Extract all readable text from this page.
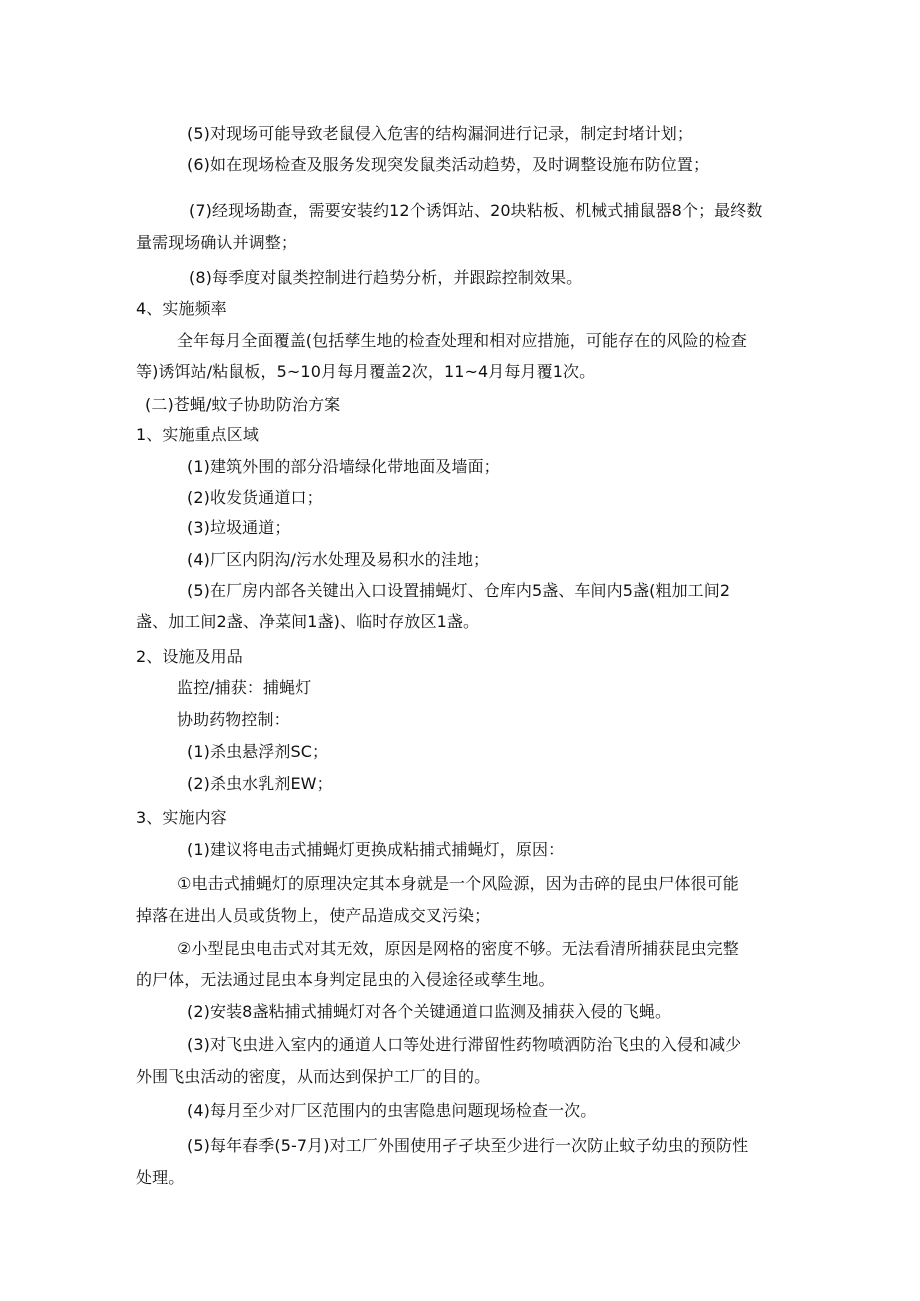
(5)对现场可能导致老鼠侵入危害的结构漏洞进行记录，制定封堵计划；
(6)如在现场检查及服务发现突发鼠类活动趋势，及时调整设施布防位置；
(7)经现场勘查，需要安装约12个诱饵站、20块粘板、机械式捕鼠器8个；最终数
量需现场确认并调整；
(8)每季度对鼠类控制进行趋势分析，并跟踪控制效果。
4、实施频率
全年每月全面覆盖(包括孳生地的检查处理和相对应措施，可能存在的风险的检查
等)诱饵站/粘鼠板，5~10月每月覆盖2次，11~4月每月覆1次。
(二)苍蝇/蚊子协助防治方案
1、实施重点区域
(1)建筑外围的部分沿墙绿化带地面及墙面；
(2)收发货通道口；
(3)垃圾通道；
(4)厂区内阴沟/污水处理及易积水的洼地；
(5)在厂房内部各关键出入口设置捕蝇灯、仓库内5盏、车间内5盏(粗加工间2
盏、加工间2盏、净菜间1盏)、临时存放区1盏。
2、设施及用品
监控/捕获：捕蝇灯
协助药物控制：
(1)杀虫悬浮剂SC；
(2)杀虫水乳剂EW；
3、实施内容
(1)建议将电击式捕蝇灯更换成粘捕式捕蝇灯，原因：
①电击式捕蝇灯的原理决定其本身就是一个风险源，因为击碎的昆虫尸体很可能
掉落在进出人员或货物上，使产品造成交叉污染；
②小型昆虫电击式对其无效，原因是网格的密度不够。无法看清所捕获昆虫完整
的尸体，无法通过昆虫本身判定昆虫的入侵途径或孳生地。
(2)安装8盏粘捕式捕蝇灯对各个关键通道口监测及捕获入侵的飞蝇。
(3)对飞虫进入室内的通道人口等处进行滞留性药物喷洒防治飞虫的入侵和减少
外围飞虫活动的密度，从而达到保护工厂的目的。
(4)每月至少对厂区范围内的虫害隐患问题现场检查一次。
(5)每年春季(5-7月)对工厂外围使用孑孑块至少进行一次防止蚊子幼虫的预防性
处理。
